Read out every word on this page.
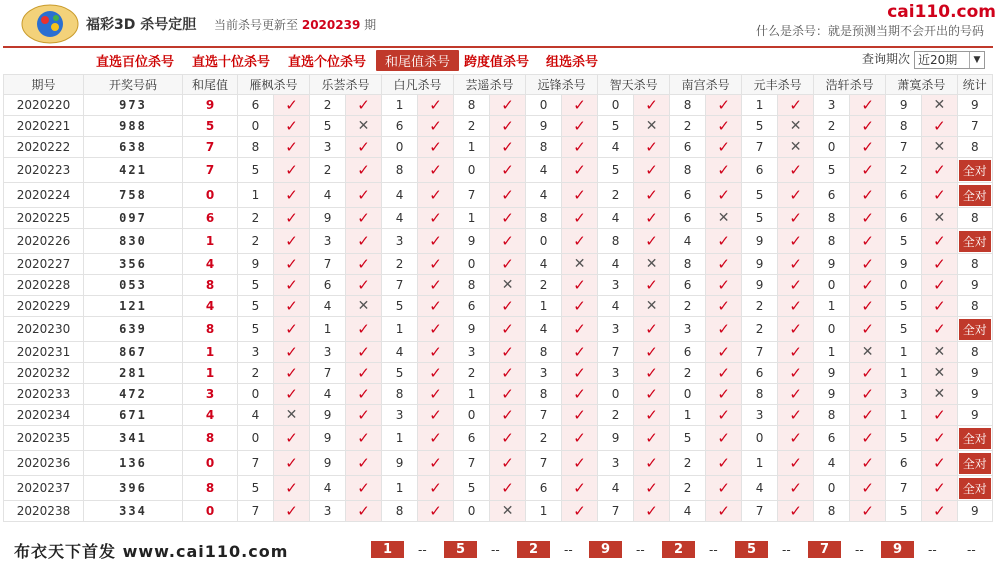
福彩3D 杀号定胆 当前杀号更新至 2020239 期
cai110.com
什么是杀号：就是预测当期不会开出的号码
直选百位杀号 直选十位杀号 直选个位杀号	和尾值杀号	跨度值杀号 组选杀号	查询期次 近20期	▼
期号	开奖号码	和尾值	雁枫杀号		乐荟杀号		白凡杀号		芸遥杀号		远锋杀号		智天杀号		南宫杀号		元丰杀号		浩轩杀号		萧寞杀号		统计
2020220	973	9	6	✓	2	✓	1	✓	8	✓	0	✓	0	✓	8	✓	1	✓	3	✓	9	✕	9
2020221	988	5	0	✓	5	✕	6	✓	2	✓	9	✓	5	✕	2	✓	5	✕	2	✓	8	✓	7
2020222	638	7	8	✓	3	✓	0	✓	1	✓	8	✓	4	✓	6	✓	7	✕	0	✓	7	✕	8
2020223	421	7	5	✓	2	✓	8	✓	0	✓	4	✓	5	✓	8	✓	6	✓	5	✓	2	✓	全对
2020224	758	0	1	✓	4	✓	4	✓	7	✓	4	✓	2	✓	6	✓	5	✓	6	✓	6	✓	全对
2020225	097	6	2	✓	9	✓	4	✓	1	✓	8	✓	4	✓	6	✕	5	✓	8	✓	6	✕	8
2020226	830	1	2	✓	3	✓	3	✓	9	✓	0	✓	8	✓	4	✓	9	✓	8	✓	5	✓	全对
2020227	356	4	9	✓	7	✓	2	✓	0	✓	4	✕	4	✕	8	✓	9	✓	9	✓	9	✓	8
2020228	053	8	5	✓	6	✓	7	✓	8	✕	2	✓	3	✓	6	✓	9	✓	0	✓	0	✓	9
2020229	121	4	5	✓	4	✕	5	✓	6	✓	1	✓	4	✕	2	✓	2	✓	1	✓	5	✓	8
2020230	639	8	5	✓	1	✓	1	✓	9	✓	4	✓	3	✓	3	✓	2	✓	0	✓	5	✓	全对
2020231	867	1	3	✓	3	✓	4	✓	3	✓	8	✓	7	✓	6	✓	7	✓	1	✕	1	✕	8
2020232	281	1	2	✓	7	✓	5	✓	2	✓	3	✓	3	✓	2	✓	6	✓	9	✓	1	✕	9
2020233	472	3	0	✓	4	✓	8	✓	1	✓	8	✓	0	✓	0	✓	8	✓	9	✓	3	✕	9
2020234	671	4	4	✕	9	✓	3	✓	0	✓	7	✓	2	✓	1	✓	3	✓	8	✓	1	✓	9
2020235	341	8	0	✓	9	✓	1	✓	6	✓	2	✓	9	✓	5	✓	0	✓	6	✓	5	✓	全对
2020236	136	0	7	✓	9	✓	9	✓	7	✓	7	✓	3	✓	2	✓	1	✓	4	✓	6	✓	全对
2020237	396	8	5	✓	4	✓	1	✓	5	✓	6	✓	4	✓	2	✓	4	✓	0	✓	7	✓	全对
2020238	334	0	7	✓	3	✓	8	✓	0	✕	1	✓	7	✓	4	✓	7	✓	8	✓	5	✓	9
布衣天下首发 www.cai110.com	1	--	5	--	2	--	9	--	2	--	5	--	7	--	9	--	--
